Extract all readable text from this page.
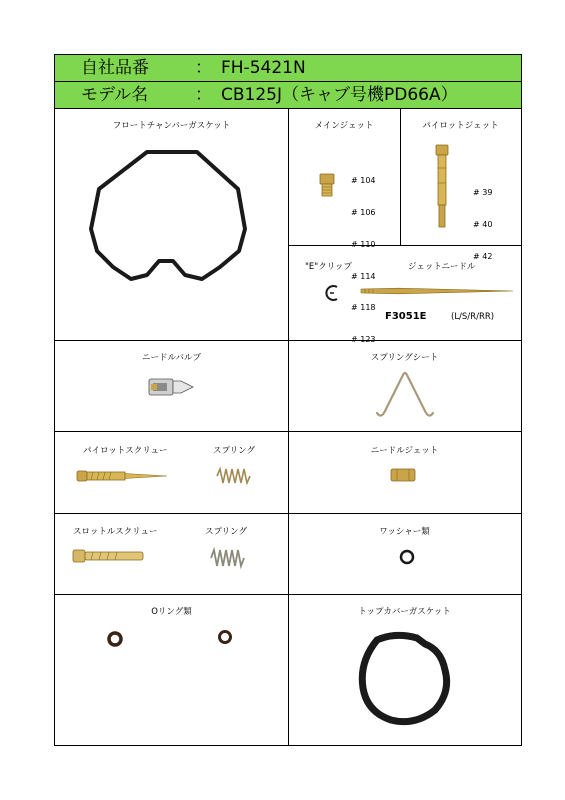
自社品番	： FH-5421N
モデル名	： CB125J（キャブ号機PD66A）
フロートチャンバーガスケット	メインジェット

# 104

# 106

# 110

# 114

# 118

# 123

パイロットジェット

# 39

# 40

# 42

"E"クリップ	ジェットニードル
F3051E	(L/S/R/RR)
ニードルバルブ	スプリングシート
パイロットスクリュー	スプリング	ニードルジェット
スロットルスクリュー	スプリング	ワッシャー類
Oリング類	トップカバーガスケット
